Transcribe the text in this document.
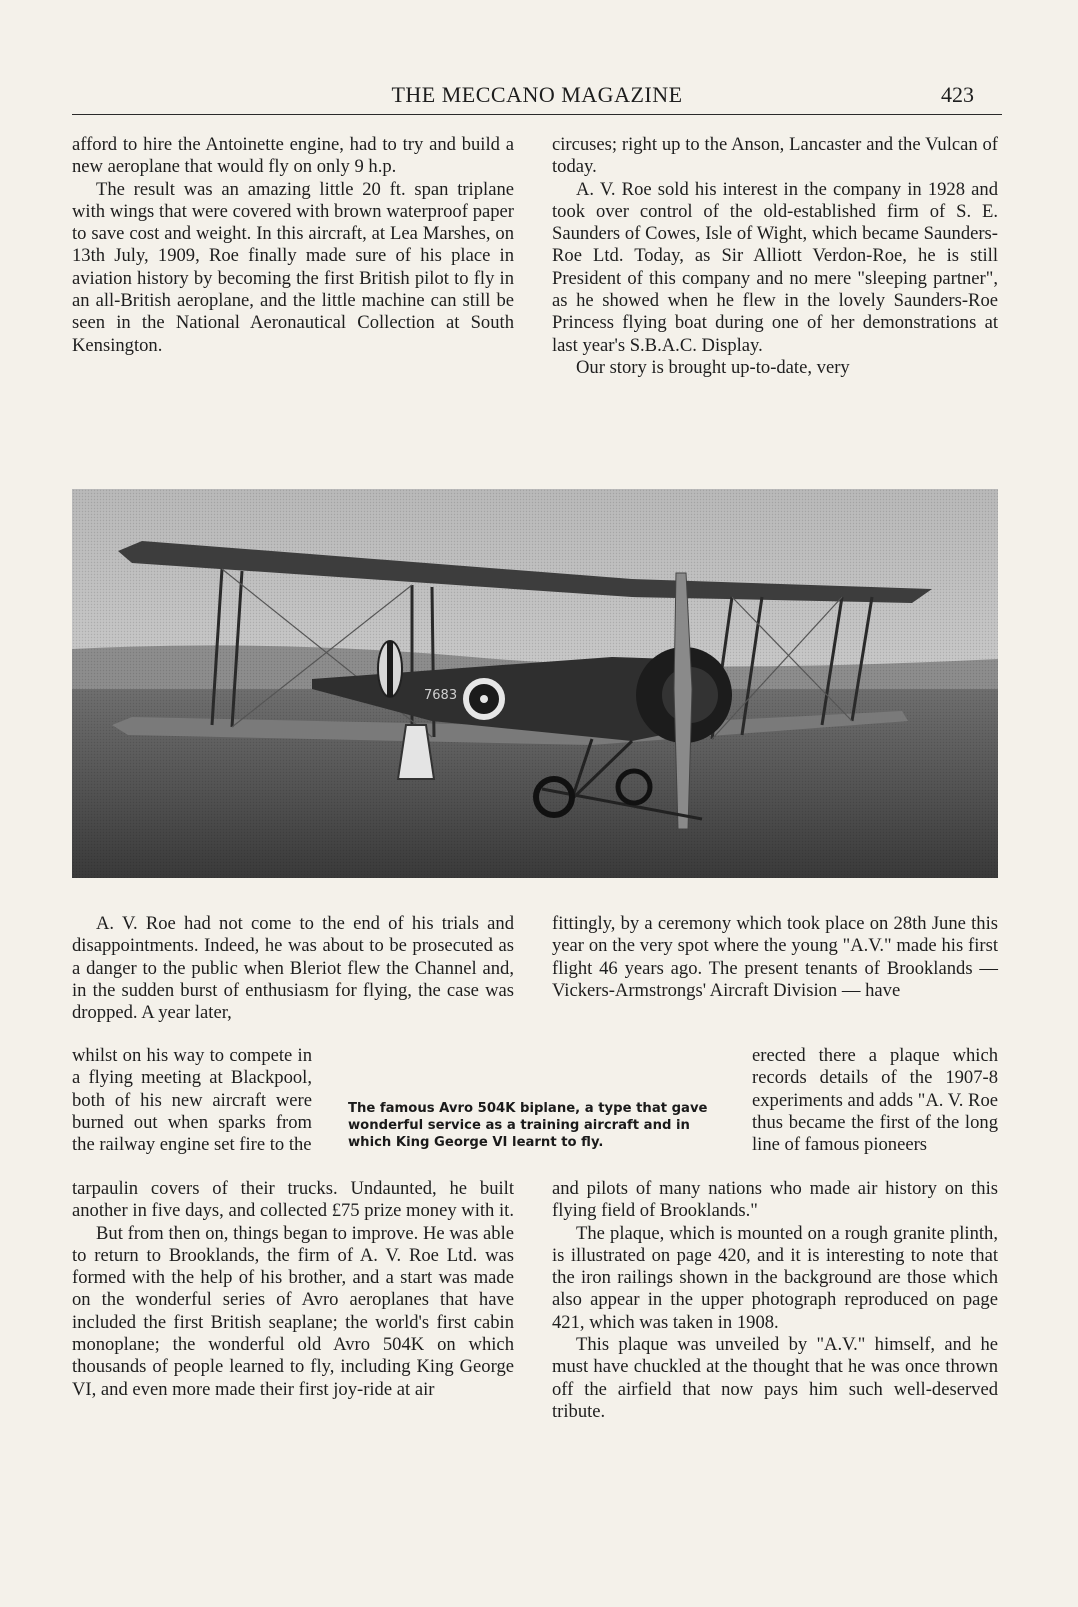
THE MECCANO MAGAZINE	423

afford to hire the Antoinette engine, had to try and build a new aeroplane that would fly on only 9 h.p.

The result was an amazing little 20 ft. span triplane with wings that were covered with brown waterproof paper to save cost and weight. In this aircraft, at Lea Marshes, on 13th July, 1909, Roe finally made sure of his place in aviation history by becoming the first British pilot to fly in an all-British aeroplane, and the little machine can still be seen in the National Aeronautical Collection at South Kensington.

circuses; right up to the Anson, Lancaster and the Vulcan of today.

A. V. Roe sold his interest in the company in 1928 and took over control of the old-established firm of S. E. Saunders of Cowes, Isle of Wight, which became Saunders-Roe Ltd. Today, as Sir Alliott Verdon-Roe, he is still President of this company and no mere "sleeping partner", as he showed when he flew in the lovely Saunders-Roe Princess flying boat during one of her demonstrations at last year's S.B.A.C. Display.

Our story is brought up-to-date, very

7683

A. V. Roe had not come to the end of his trials and disappointments. Indeed, he was about to be prosecuted as a danger to the public when Bleriot flew the Channel and, in the sudden burst of enthusiasm for flying, the case was dropped. A year later,

whilst on his way to compete in a flying meeting at Blackpool, both of his new aircraft were burned out when sparks from the railway engine set fire to the

tarpaulin covers of their trucks. Undaunted, he built another in five days, and collected £75 prize money with it.

But from then on, things began to improve. He was able to return to Brooklands, the firm of A. V. Roe Ltd. was formed with the help of his brother, and a start was made on the wonderful series of Avro aeroplanes that have included the first British seaplane; the world's first cabin monoplane; the wonderful old Avro 504K on which thousands of people learned to fly, including King George VI, and even more made their first joy-ride at air

The famous Avro 504K biplane, a type that gave wonderful service as a training aircraft and in which King George VI learnt to fly.

fittingly, by a ceremony which took place on 28th June this year on the very spot where the young "A.V." made his first flight 46 years ago. The present tenants of Brooklands — Vickers-Armstrongs' Aircraft Division — have

erected there a plaque which records details of the 1907-8 experiments and adds "A. V. Roe thus became the first of the long line of famous pioneers

and pilots of many nations who made air history on this flying field of Brooklands."

The plaque, which is mounted on a rough granite plinth, is illustrated on page 420, and it is interesting to note that the iron railings shown in the background are those which also appear in the upper photograph reproduced on page 421, which was taken in 1908.

This plaque was unveiled by "A.V." himself, and he must have chuckled at the thought that he was once thrown off the airfield that now pays him such well-deserved tribute.
